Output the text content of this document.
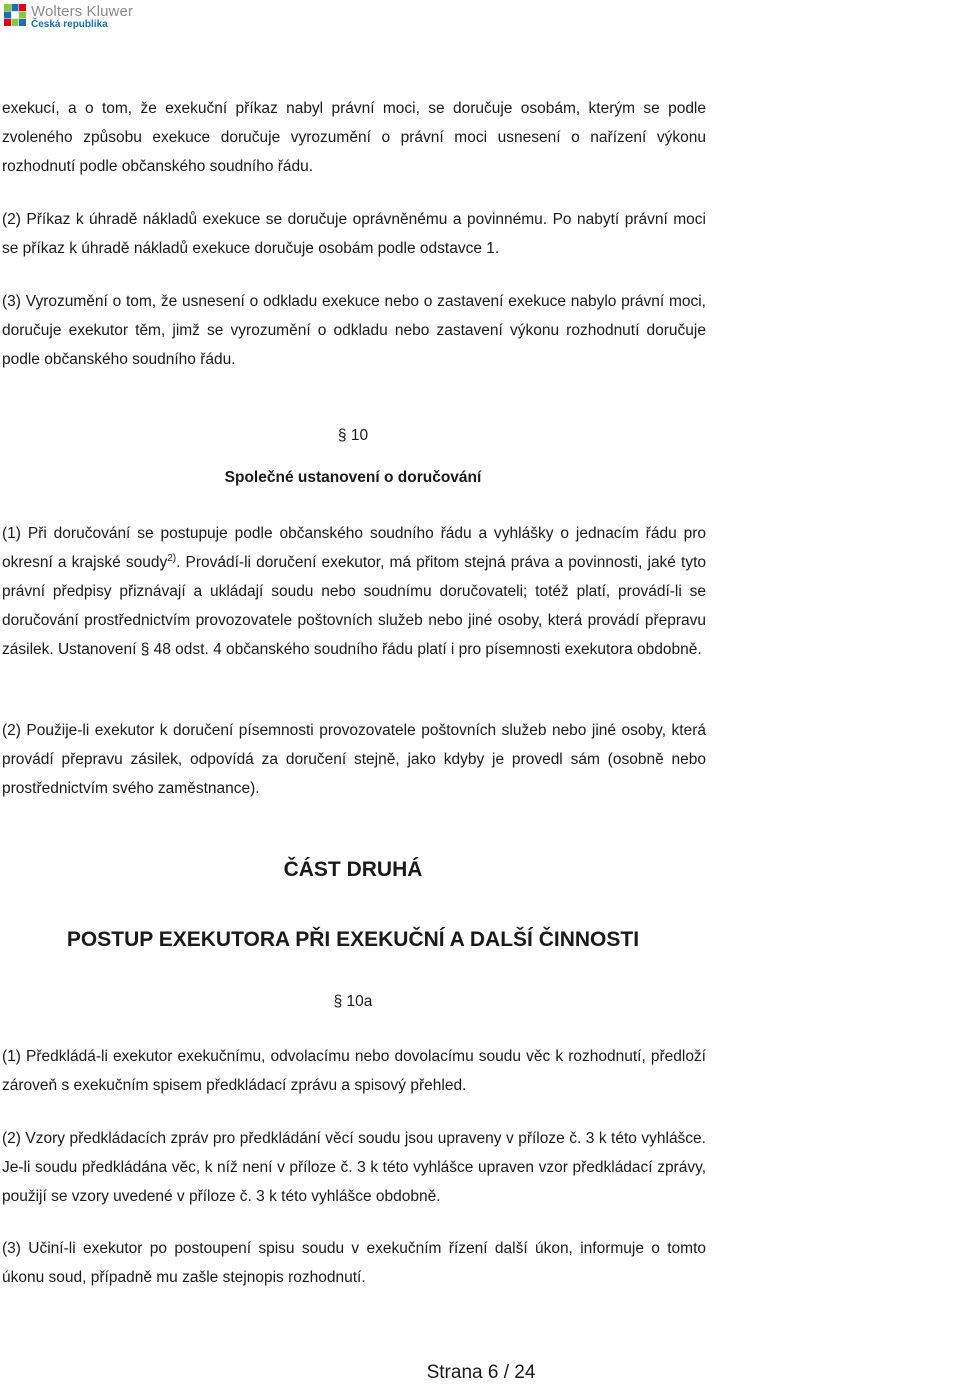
Wolters Kluwer
Česká republika

exekucí, a o tom, že exekuční příkaz nabyl právní moci, se doručuje osobám, kterým se podle zvoleného způsobu exekuce doručuje vyrozumění o právní moci usnesení o nařízení výkonu rozhodnutí podle občanského soudního řádu.

(2) Příkaz k úhradě nákladů exekuce se doručuje oprávněnému a povinnému. Po nabytí právní moci se příkaz k úhradě nákladů exekuce doručuje osobám podle odstavce 1.

(3) Vyrozumění o tom, že usnesení o odkladu exekuce nebo o zastavení exekuce nabylo právní moci, doručuje exekutor těm, jimž se vyrozumění o odkladu nebo zastavení výkonu rozhodnutí doručuje podle občanského soudního řádu.

§ 10

Společné ustanovení o doručování

(1) Při doručování se postupuje podle občanského soudního řádu a vyhlášky o jednacím řádu pro okresní a krajské soudy$^{2)}$. Provádí-li doručení exekutor, má přitom stejná práva a povinnosti, jaké tyto právní předpisy přiznávají a ukládají soudu nebo soudnímu doručovateli; totéž platí, provádí-li se doručování prostřednictvím provozovatele poštovních služeb nebo jiné osoby, která provádí přepravu zásilek. Ustanovení § 48 odst. 4 občanského soudního řádu platí i pro písemnosti exekutora obdobně.

(2) Použije-li exekutor k doručení písemnosti provozovatele poštovních služeb nebo jiné osoby, která provádí přepravu zásilek, odpovídá za doručení stejně, jako kdyby je provedl sám (osobně nebo prostřednictvím svého zaměstnance).

ČÁST DRUHÁ

POSTUP EXEKUTORA PŘI EXEKUČNÍ A DALŠÍ ČINNOSTI

§ 10a

(1) Předkládá-li exekutor exekučnímu, odvolacímu nebo dovolacímu soudu věc k rozhodnutí, předloží zároveň s exekučním spisem předkládací zprávu a spisový přehled.

(2) Vzory předkládacích zpráv pro předkládání věcí soudu jsou upraveny v příloze č. 3 k této vyhlášce. Je-li soudu předkládána věc, k níž není v příloze č. 3 k této vyhlášce upraven vzor předkládací zprávy, použijí se vzory uvedené v příloze č. 3 k této vyhlášce obdobně.

(3) Učiní-li exekutor po postoupení spisu soudu v exekučním řízení další úkon, informuje o tomto úkonu soud, případně mu zašle stejnopis rozhodnutí.

Strana 6 / 24
